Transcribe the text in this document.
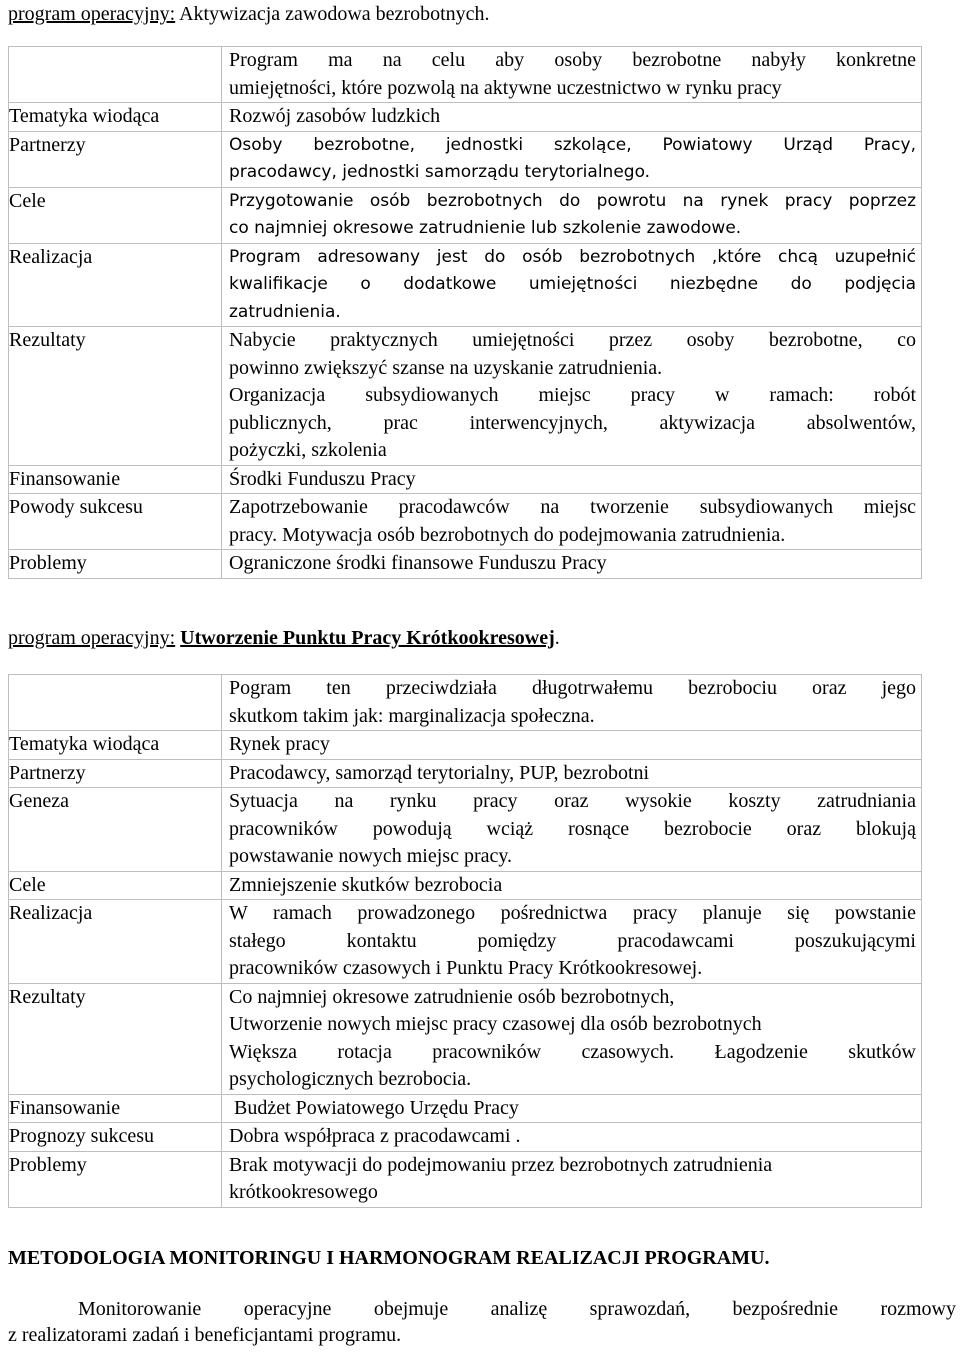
program operacyjny: Aktywizacja zawodowa bezrobotnych.

	Program ma na celu aby osoby bezrobotne nabyły konkretne
umiejętności, które pozwolą na aktywne uczestnictwo w rynku pracy

Tematyka wiodąca	Rozwój zasobów ludzkich

Partnerzy	Osoby bezrobotne, jednostki szkolące, Powiatowy Urząd Pracy,
pracodawcy, jednostki samorządu terytorialnego.

Cele	Przygotowanie osób bezrobotnych do powrotu na rynek pracy poprzez
co najmniej okresowe zatrudnienie lub szkolenie zawodowe.

Realizacja	Program adresowany jest do osób bezrobotnych ,które chcą uzupełnić
kwalifikacje o dodatkowe umiejętności niezbędne do podjęcia
zatrudnienia.

Rezultaty	Nabycie praktycznych umiejętności przez osoby bezrobotne, co
powinno zwiększyć szanse na uzyskanie zatrudnienia.
Organizacja subsydiowanych miejsc pracy w ramach: robót
publicznych, prac interwencyjnych, aktywizacja absolwentów,
pożyczki, szkolenia

Finansowanie	Środki Funduszu Pracy

Powody sukcesu	Zapotrzebowanie pracodawców na tworzenie subsydiowanych miejsc
pracy. Motywacja osób bezrobotnych do podejmowania zatrudnienia.

Problemy	Ograniczone środki finansowe Funduszu Pracy
program operacyjny: Utworzenie Punktu Pracy Krótkookresowej.

	Pogram ten przeciwdziała długotrwałemu bezrobociu oraz jego
skutkom takim jak: marginalizacja społeczna.

Tematyka wiodąca	Rynek pracy

Partnerzy	Pracodawcy, samorząd terytorialny, PUP, bezrobotni

Geneza	Sytuacja na rynku pracy oraz wysokie koszty zatrudniania
pracowników powodują wciąż rosnące bezrobocie oraz blokują
powstawanie nowych miejsc pracy.

Cele	Zmniejszenie skutków bezrobocia

Realizacja	W ramach prowadzonego pośrednictwa pracy planuje się powstanie
stałego kontaktu pomiędzy pracodawcami poszukującymi
pracowników czasowych i Punktu Pracy Krótkookresowej.

Rezultaty	Co najmniej okresowe zatrudnienie osób bezrobotnych,
Utworzenie nowych miejsc pracy czasowej dla osób bezrobotnych
Większa rotacja pracowników czasowych. Łagodzenie skutków
psychologicznych bezrobocia.

Finansowanie	Budżet Powiatowego Urzędu Pracy

Prognozy sukcesu	Dobra współpraca z pracodawcami .

Problemy	Brak motywacji do podejmowaniu przez bezrobotnych zatrudnienia
krótkookresowego
METODOLOGIA MONITORINGU I HARMONOGRAM REALIZACJI PROGRAMU.
Monitorowanie operacyjne obejmuje analizę sprawozdań, bezpośrednie rozmowy
z realizatorami zadań i beneficjantami programu.
